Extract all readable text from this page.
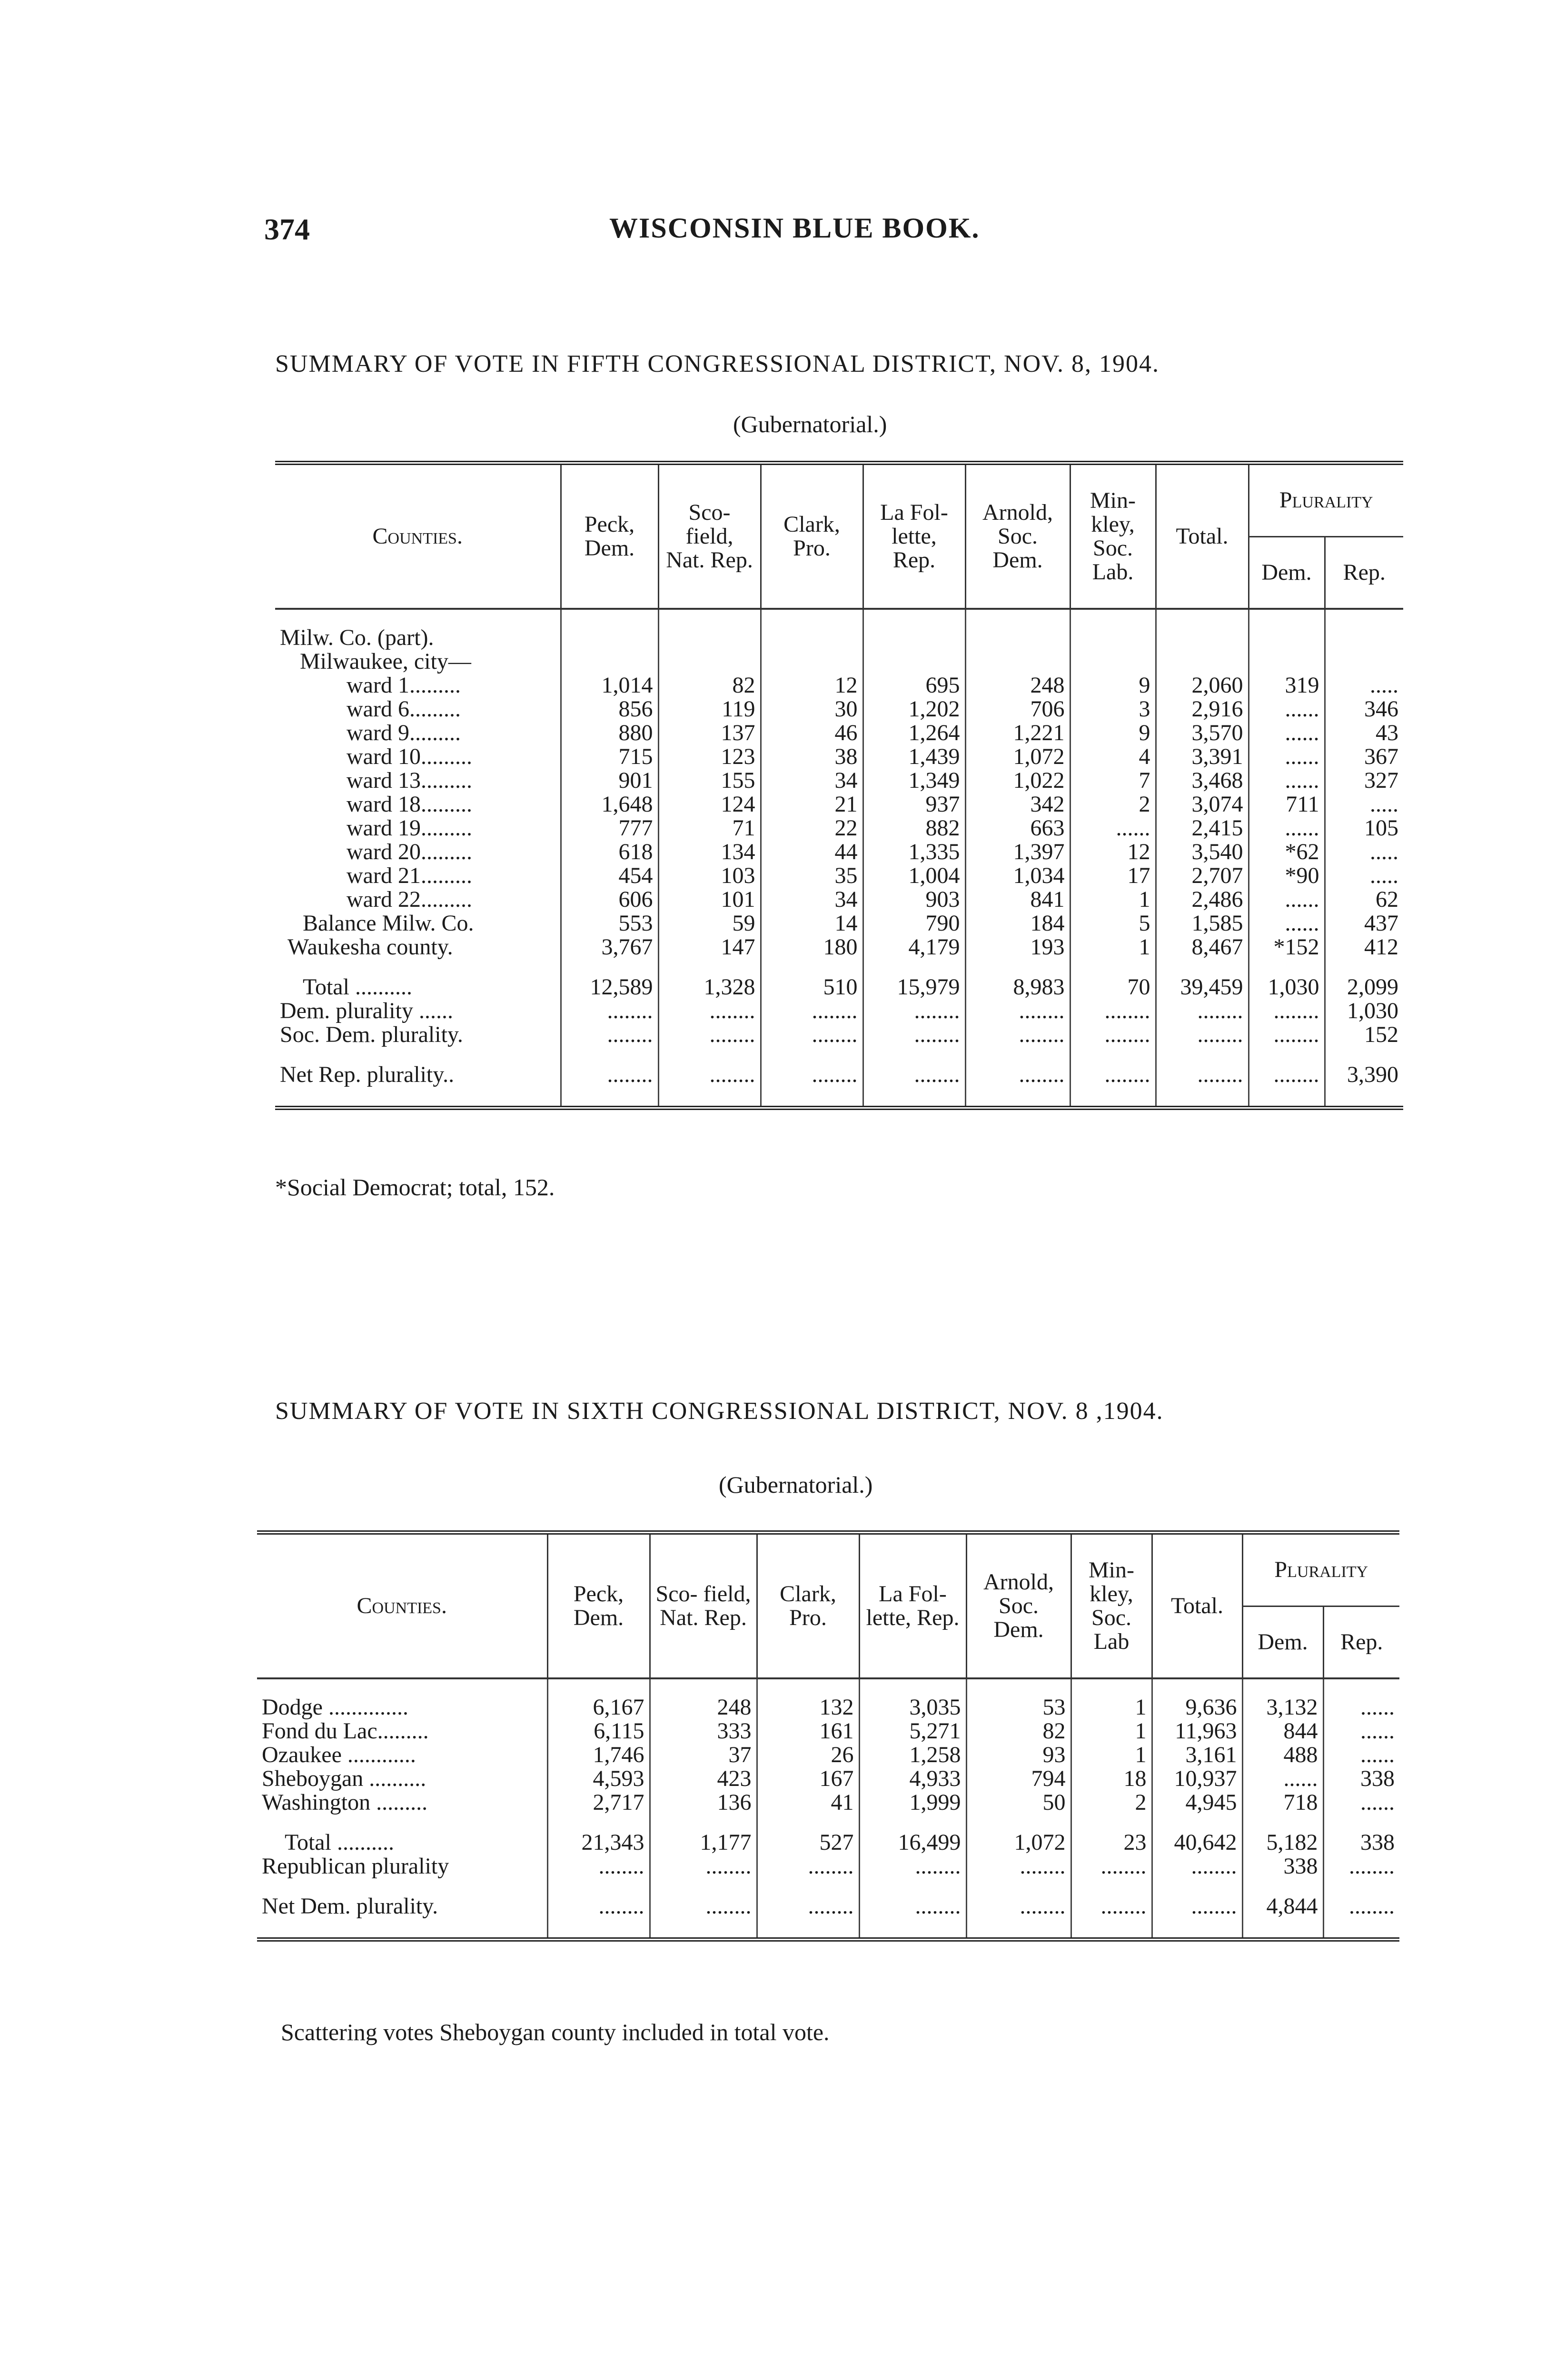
374	WISCONSIN BLUE BOOK.
SUMMARY OF VOTE IN FIFTH CONGRESSIONAL DISTRICT, NOV. 8, 1904.
(Gubernatorial.)
Counties.	Peck, Dem.	Sco- field, Nat. Rep.	Clark, Pro.	La Fol- lette, Rep.	Arnold, Soc. Dem.	Min- kley, Soc. Lab.	Total.	Plurality	
								Dem.	Rep.

Milw. Co. (part).									
Milwaukee, city—									
ward 1.........	1,014	82	12	695	248	9	2,060	319	.....
ward 6.........	856	119	30	1,202	706	3	2,916	......	346
ward 9.........	880	137	46	1,264	1,221	9	3,570	......	43
ward 10.........	715	123	38	1,439	1,072	4	3,391	......	367
ward 13.........	901	155	34	1,349	1,022	7	3,468	......	327
ward 18.........	1,648	124	21	937	342	2	3,074	711	.....
ward 19.........	777	71	22	882	663	......	2,415	......	105
ward 20.........	618	134	44	1,335	1,397	12	3,540	*62	.....
ward 21.........	454	103	35	1,004	1,034	17	2,707	*90	.....
ward 22.........	606	101	34	903	841	1	2,486	......	62
Balance Milw. Co.	553	59	14	790	184	5	1,585	......	437
Waukesha county.	3,767	147	180	4,179	193	1	8,467	*152	412

Total ..........	12,589	1,328	510	15,979	8,983	70	39,459	1,030	2,099
Dem. plurality ......	........	........	........	........	........	........	........	........	1,030
Soc. Dem. plurality.	........	........	........	........	........	........	........	........	152

Net Rep. plurality..	........	........	........	........	........	........	........	........	3,390

*Social Democrat; total, 152.
SUMMARY OF VOTE IN SIXTH CONGRESSIONAL DISTRICT, NOV. 8 ,1904.
(Gubernatorial.)
Counties.	Peck, Dem.	Sco- field, Nat. Rep.	Clark, Pro.	La Fol- lette, Rep.	Arnold, Soc. Dem.	Min- kley, Soc. Lab	Total.	Plurality	
								Dem.	Rep.

Dodge ..............	6,167	248	132	3,035	53	1	9,636	3,132	......
Fond du Lac.........	6,115	333	161	5,271	82	1	11,963	844	......
Ozaukee ............	1,746	37	26	1,258	93	1	3,161	488	......
Sheboygan ..........	4,593	423	167	4,933	794	18	10,937	......	338
Washington .........	2,717	136	41	1,999	50	2	4,945	718	......

Total ..........	21,343	1,177	527	16,499	1,072	23	40,642	5,182	338
Republican plurality	........	........	........	........	........	........	........	338	........

Net Dem. plurality.	........	........	........	........	........	........	........	4,844	........

Scattering votes Sheboygan county included in total vote.
